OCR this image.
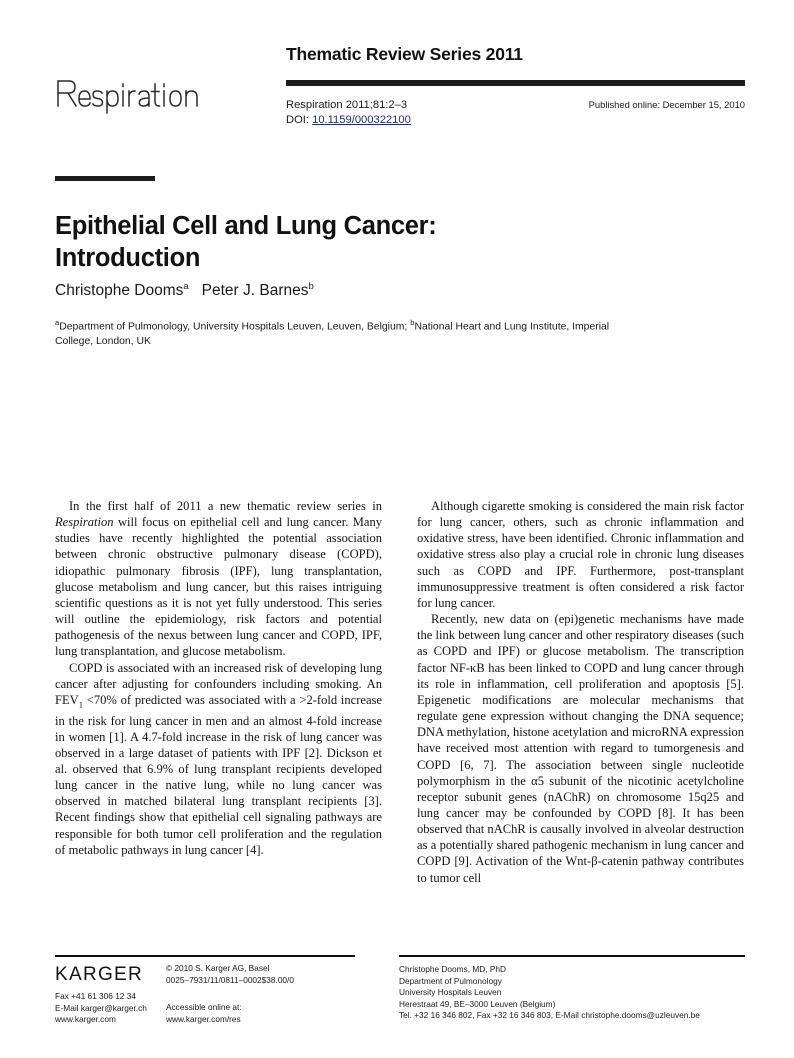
Thematic Review Series 2011
Respiration 2011;81:2–3
DOI: 10.1159/000322100
Published online: December 15, 2010
Epithelial Cell and Lung Cancer:
Introduction
Christophe Dooms$^a$ Peter J. Barnes$^b$
$^a$Department of Pulmonology, University Hospitals Leuven, Leuven, Belgium; $^b$National Heart and Lung Institute, Imperial College, London, UK

In the first half of 2011 a new thematic review series in Respiration will focus on epithelial cell and lung cancer. Many studies have recently highlighted the potential association between chronic obstructive pulmonary disease (COPD), idiopathic pulmonary fibrosis (IPF), lung transplantation, glucose metabolism and lung cancer, but this raises intriguing scientific questions as it is not yet fully understood. This series will outline the epidemiology, risk factors and potential pathogenesis of the nexus between lung cancer and COPD, IPF, lung transplantation, and glucose metabolism.

COPD is associated with an increased risk of developing lung cancer after adjusting for confounders including smoking. An $FEV_1 <70\%$ of predicted was associated with a >2-fold increase in the risk for lung cancer in men and an almost 4-fold increase in women [1]. A 4.7-fold increase in the risk of lung cancer was observed in a large dataset of patients with IPF [2]. Dickson et al. observed that 6.9% of lung transplant recipients developed lung cancer in the native lung, while no lung cancer was observed in matched bilateral lung transplant recipients [3]. Recent findings show that epithelial cell signaling pathways are responsible for both tumor cell proliferation and the regulation of metabolic pathways in lung cancer [4].

Although cigarette smoking is considered the main risk factor for lung cancer, others, such as chronic inflammation and oxidative stress, have been identified. Chronic inflammation and oxidative stress also play a crucial role in chronic lung diseases such as COPD and IPF. Furthermore, post-transplant immunosuppressive treatment is often considered a risk factor for lung cancer.

Recently, new data on (epi)genetic mechanisms have made the link between lung cancer and other respiratory diseases (such as COPD and IPF) or glucose metabolism. The transcription factor NF-κB has been linked to COPD and lung cancer through its role in inflammation, cell proliferation and apoptosis [5]. Epigenetic modifications are molecular mechanisms that regulate gene expression without changing the DNA sequence; DNA methylation, histone acetylation and microRNA expression have received most attention with regard to tumorgenesis and COPD [6, 7]. The association between single nucleotide polymorphism in the α5 subunit of the nicotinic acetylcholine receptor subunit genes (nAChR) on chromosome 15q25 and lung cancer may be confounded by COPD [8]. It has been observed that nAChR is causally involved in alveolar destruction as a potentially shared pathogenic mechanism in lung cancer and COPD [9]. Activation of the Wnt-β-catenin pathway contributes to tumor cell

KARGER
Fax +41 61 306 12 34
E-Mail karger@karger.ch
www.karger.com
© 2010 S. Karger AG, Basel
0025–7931/11/0811–0002$38.00/0
Accessible online at:
www.karger.com/res
Christophe Dooms, MD, PhD
Department of Pulmonology
University Hospitals Leuven
Herestraat 49, BE–3000 Leuven (Belgium)
Tel. +32 16 346 802, Fax +32 16 346 803, E-Mail christophe.dooms@uzleuven.be
